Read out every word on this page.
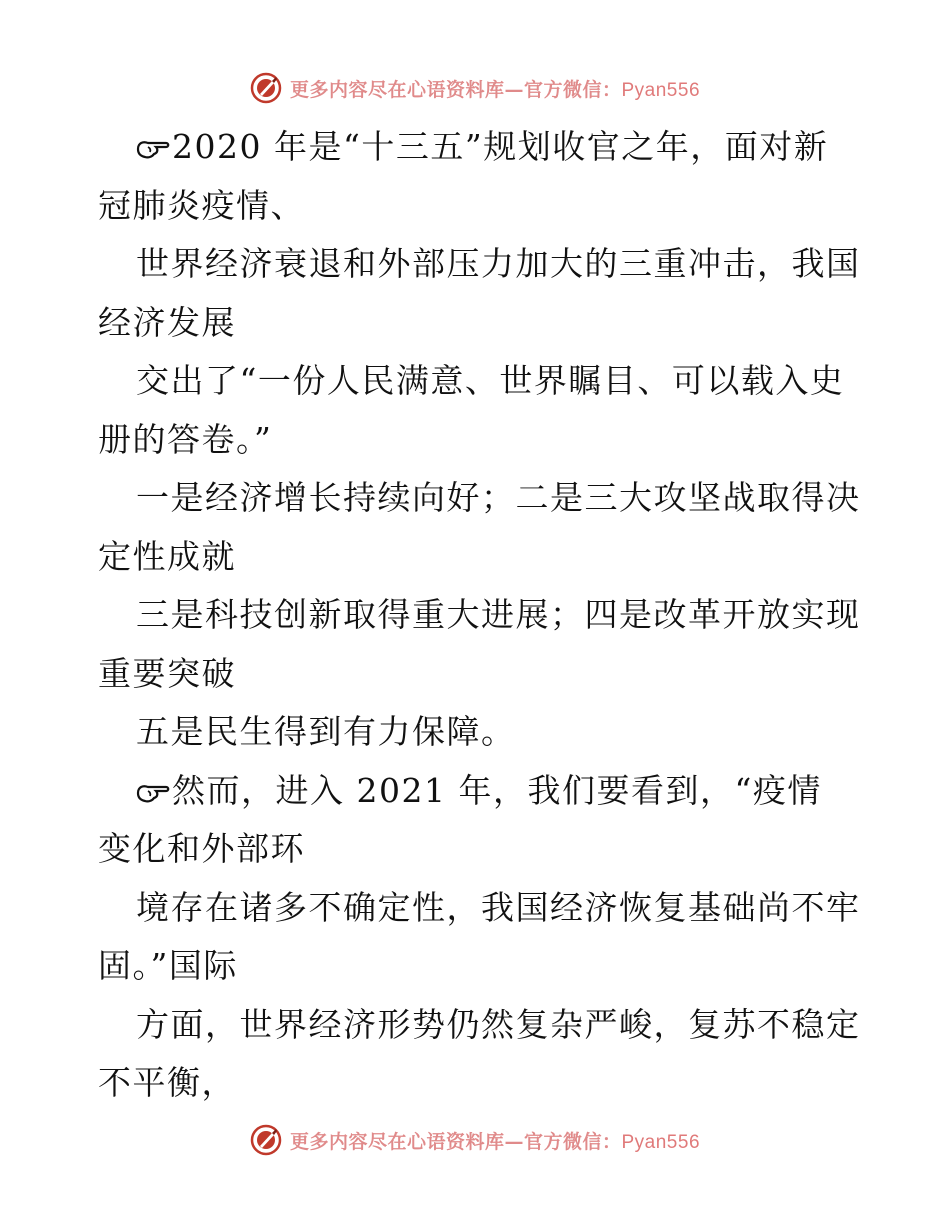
更多内容尽在心语资料库—官方微信：Pyan556
2020 年是“十三五”规划收官之年，面对新
冠肺炎疫情、
世界经济衰退和外部压力加大的三重冲击，我国
经济发展
交出了“一份人民满意、世界瞩目、可以载入史
册的答卷。”
一是经济增长持续向好；二是三大攻坚战取得决
定性成就
三是科技创新取得重大进展；四是改革开放实现
重要突破
五是民生得到有力保障。
然而，进入 2021 年，我们要看到，“疫情
变化和外部环
境存在诸多不确定性，我国经济恢复基础尚不牢
固。”国际
方面，世界经济形势仍然复杂严峻，复苏不稳定
不平衡，
更多内容尽在心语资料库—官方微信：Pyan556
